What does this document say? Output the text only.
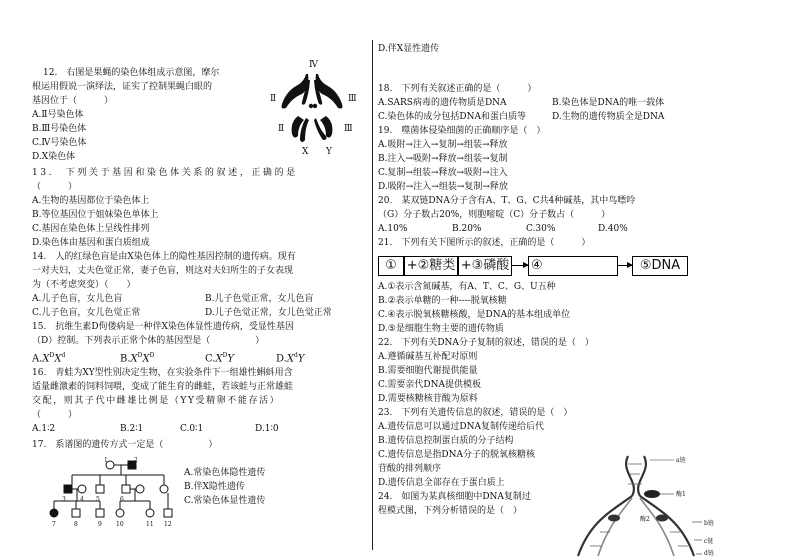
12.　右图是果蝇的染色体组成示意图，摩尔
根运用假说一演绎法，证实了控制果蝇白眼的
基因位于（　　　）
A.Ⅱ号染色体
B.Ⅲ号染色体
C.Ⅳ号染色体
D.X染色体
Ⅳ
Ⅱ	Ⅲ
Ⅱ	Ⅲ
X Y
13.　下列关于基因和染色体关系的叙述，正确的是
（　　　）
A.生物的基因都位于染色体上
B.等位基因位于姐妹染色单体上
C.基因在染色体上呈线性排列
D.染色体由基因和蛋白质组成
14.　人的红绿色盲是由X染色体上的隐性基因控制的遗传病。现有
一对夫妇，丈夫色觉正常，妻子色盲，则这对夫妇所生的子女表现
为（不考虑突变）（　　）
A.儿子色盲，女儿色盲	B.儿子色觉正常，女儿色盲
C.儿子色盲，女儿色觉正常	D.儿子色觉正常，女儿色觉正常
15.　抗维生素D佝偻病是一种伴X染色体显性遗传病，受显性基因
（D）控制。下列表示正常个体的基因型是（　　　　　）
$A.X^DX^d$	$B.X^DX^D$	$C.X^DY$	$D.X^dY$
16.　青蛙为XY型性别决定生物，在实验条件下一组雄性蝌蚪用含
适量雌激素的饲料饲喂，变成了能生育的雌蛙，若该蛙与正常雄蛙
交配，则其子代中雌雄比例是（YY受精卵不能存活）
（　　　）
A.1∶2	B.2∶1	C.0∶1	D.1∶0
17.　系谱图的遗传方式一定是（　　　　　）
A.常染色体隐性遗传
B.伴X隐性遗传
C.常染色体显性遗传
1	2
3 4 5	6
7	8	9 10	11 12
D.伴X显性遗传
18.　下列有关叙述正确的是（　　　）
A.SARS病毒的遗传物质是DNA	B.染色体是DNA的唯一载体
C.染色体的成分包括DNA和蛋白质等	D.生物的遗传物质全是DNA
19.　噬菌体侵染细菌的正确顺序是（　）
A.吸附→注入→复制→组装→释放
B.注入→吸附→释放→组装→复制
C.复制→组装→释放→吸附→注入
D.吸附→注入→组装→复制→释放
20.　某双链DNA分子含有A、T、G、C共4种碱基，其中鸟嘌呤
（G）分子数占20%，则胞嘧啶（C）分子数占（　　　）
A.10%	B.20%	C.30%	D.40%
21.　下列有关下图所示的叙述，正确的是（　　　）
① +②糖类 +③磷酸 ④	⑤DNA
A.①表示含氮碱基，有A、T、C、G、U五种
B.②表示单糖的一种----脱氧核糖
C.④表示脱氧核糖核酸，是DNA的基本组成单位
D.⑤是细胞生物主要的遗传物质
22.　下列有关DNA分子复制的叙述，错误的是（　）
A.遵循碱基互补配对原则
B.需要细胞代谢提供能量
C.需要亲代DNA提供模板
D.需要核糖核苷酸为原料
23.　下列有关遗传信息的叙述，错误的是（　）
A.遗传信息可以通过DNA复制传递给后代
B.遗传信息控制蛋白质的分子结构
C.遗传信息是指DNA分子的脱氧核糖核
苷酸的排列顺序
D.遗传信息全部存在于蛋白质上
24.　如图为某真核细胞中DNA复制过
程模式图，下列分析错误的是（　）
a链
酶1
酶2
b链
c链
d链
